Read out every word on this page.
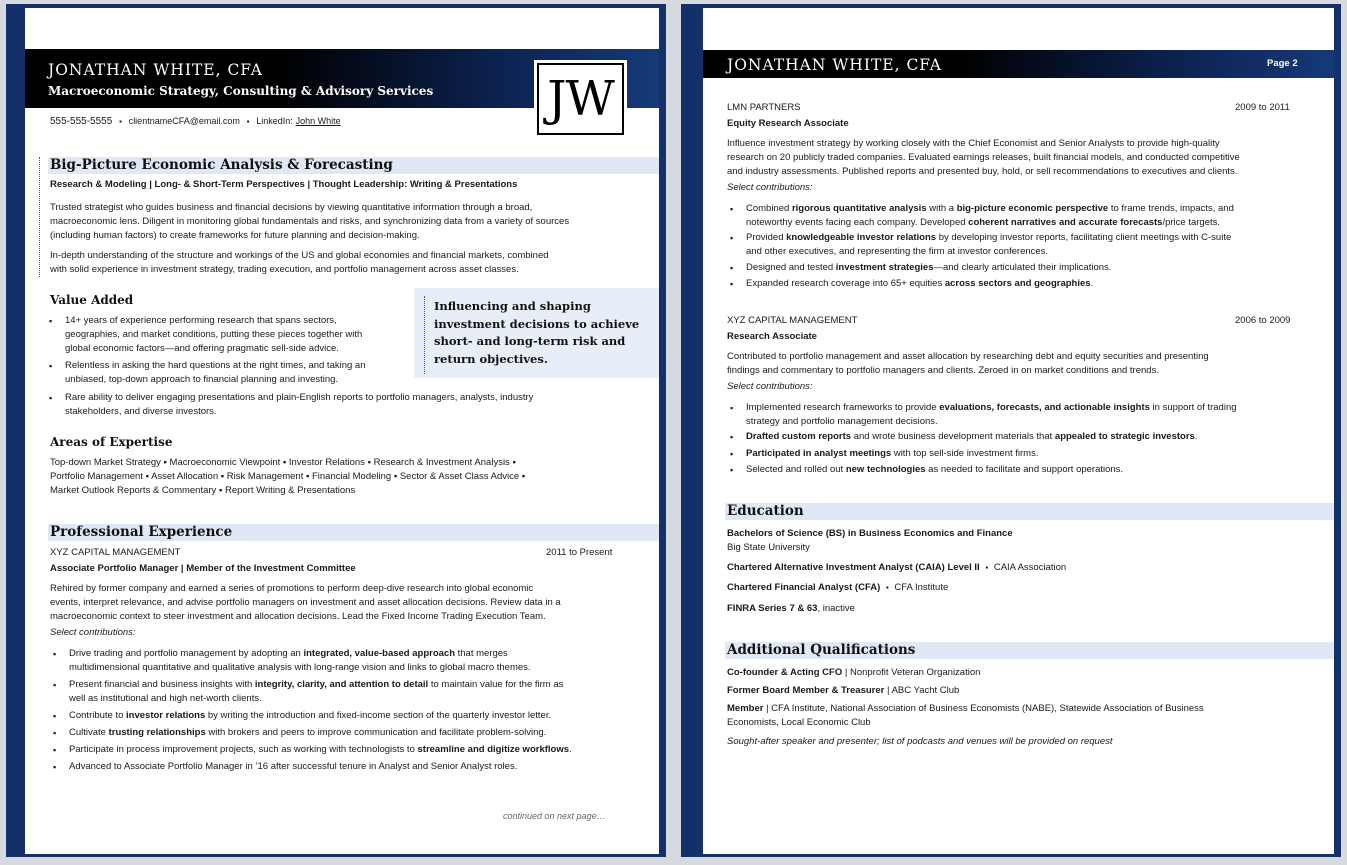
JONATHAN WHITE, CFA
Macroeconomic Strategy, Consulting & Advisory Services JW
555-555-5555 ▪ clientnameCFA@email.com ▪ LinkedIn: John White
Big-Picture Economic Analysis & Forecasting
Research & Modeling | Long- & Short-Term Perspectives | Thought Leadership: Writing & Presentations
Trusted strategist who guides business and financial decisions by viewing quantitative information through a broad,
macroeconomic lens. Diligent in monitoring global fundamentals and risks, and synchronizing data from a variety of sources
(including human factors) to create frameworks for future planning and decision-making.
In-depth understanding of the structure and workings of the US and global economies and financial markets, combined
with solid experience in investment strategy, trading execution, and portfolio management across asset classes.
Value Added
▪ 14+ years of experience performing research that spans sectors,
geographies, and market conditions, putting these pieces together with
global economic factors—and offering pragmatic sell-side advice.
▪ Relentless in asking the hard questions at the right times, and taking an
unbiased, top-down approach to financial planning and investing.
▪ Rare ability to deliver engaging presentations and plain-English reports to portfolio managers, analysts, industry
stakeholders, and diverse investors.
Influencing and shaping
investment decisions to achieve
short- and long-term risk and
return objectives.
Areas of Expertise
Top-down Market Strategy ▪ Macroeconomic Viewpoint ▪ Investor Relations ▪ Research & Investment Analysis ▪
Portfolio Management ▪ Asset Allocation ▪ Risk Management ▪ Financial Modeling ▪ Sector & Asset Class Advice ▪
Market Outlook Reports & Commentary ▪ Report Writing & Presentations
Professional Experience
XYZ CAPITAL MANAGEMENT	2011 to Present
Associate Portfolio Manager | Member of the Investment Committee
Rehired by former company and earned a series of promotions to perform deep-dive research into global economic
events, interpret relevance, and advise portfolio managers on investment and asset allocation decisions. Review data in a
macroeconomic context to steer investment and allocation decisions. Lead the Fixed Income Trading Execution Team.
Select contributions:
▪ Drive trading and portfolio management by adopting an integrated, value-based approach that merges
multidimensional quantitative and qualitative analysis with long-range vision and links to global macro themes.
▪ Present financial and business insights with integrity, clarity, and attention to detail to maintain value for the firm as
well as institutional and high net-worth clients.
▪ Contribute to investor relations by writing the introduction and fixed-income section of the quarterly investor letter.
▪ Cultivate trusting relationships with brokers and peers to improve communication and facilitate problem-solving.
▪ Participate in process improvement projects, such as working with technologists to streamline and digitize workflows.
▪ Advanced to Associate Portfolio Manager in ’16 after successful tenure in Analyst and Senior Analyst roles.
continued on next page…
JONATHAN WHITE, CFA	Page 2
LMN PARTNERS	2009 to 2011
Equity Research Associate
Influence investment strategy by working closely with the Chief Economist and Senior Analysts to provide high-quality
research on 20 publicly traded companies. Evaluated earnings releases, built financial models, and conducted competitive
and industry assessments. Published reports and presented buy, hold, or sell recommendations to executives and clients.
Select contributions:
▪ Combined rigorous quantitative analysis with a big-picture economic perspective to frame trends, impacts, and
noteworthy events facing each company. Developed coherent narratives and accurate forecasts/price targets.
▪ Provided knowledgeable investor relations by developing investor reports, facilitating client meetings with C-suite
and other executives, and representing the firm at investor conferences.
▪ Designed and tested investment strategies—and clearly articulated their implications.
▪ Expanded research coverage into 65+ equities across sectors and geographies.
XYZ CAPITAL MANAGEMENT	2006 to 2009
Research Associate
Contributed to portfolio management and asset allocation by researching debt and equity securities and presenting
findings and commentary to portfolio managers and clients. Zeroed in on market conditions and trends.
Select contributions:
▪ Implemented research frameworks to provide evaluations, forecasts, and actionable insights in support of trading
strategy and portfolio management decisions.
▪ Drafted custom reports and wrote business development materials that appealed to strategic investors.
▪ Participated in analyst meetings with top sell-side investment firms.
▪ Selected and rolled out new technologies as needed to facilitate and support operations.
Education
Bachelors of Science (BS) in Business Economics and Finance
Big State University
Chartered Alternative Investment Analyst (CAIA) Level II ▪ CAIA Association
Chartered Financial Analyst (CFA) ▪ CFA Institute
FINRA Series 7 & 63, inactive
Additional Qualifications
Co-founder & Acting CFO | Nonprofit Veteran Organization
Former Board Member & Treasurer | ABC Yacht Club
Member | CFA Institute, National Association of Business Economists (NABE), Statewide Association of Business
Economists, Local Economic Club
Sought-after speaker and presenter; list of podcasts and venues will be provided on request
